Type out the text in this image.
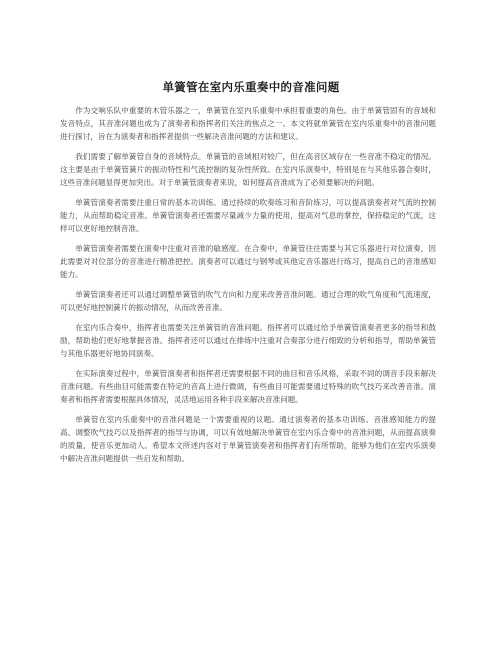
单簧管在室内乐重奏中的音准问题

作为交响乐队中重要的木管乐器之一，单簧管在室内乐重奏中承担着重要的角色。由于单簧管固有的音域和发音特点，其音准问题也成为了演奏者和指挥者们关注的焦点之一。本文将就单簧管在室内乐重奏中的音准问题进行探讨，旨在为演奏者和指挥者提供一些解决音准问题的方法和建议。

我们需要了解单簧管自身的音域特点。单簧管的音域相对较广，但在高音区域存在一些音准不稳定的情况。这主要是由于单簧管簧片的振动特性和气流控制的复杂性所致。在室内乐演奏中，特别是在与其他乐器合奏时，这些音准问题显得更加突出。对于单簧管演奏者来说，如何提高音准成为了必须要解决的问题。

单簧管演奏者需要注重日常的基本功训练。通过持续的吹奏练习和音阶练习，可以提高演奏者对气流的控制能力，从而帮助稳定音准。单簧管演奏者还需要尽量减少力量的使用，提高对气息的掌控，保持稳定的气流，这样可以更好地控制音准。

单簧管演奏者需要在演奏中注重对音准的敏感度。在合奏中，单簧管往往需要与其它乐器进行对位演奏，因此需要对对位部分的音准进行精准把控。演奏者可以通过与钢琴或其他定音乐器进行练习，提高自己的音准感知能力。

单簧管演奏者还可以通过调整单簧管的吹气方向和力度来改善音准问题。通过合理的吹气角度和气流速度，可以更好地控制簧片的振动情况，从而改善音准。

在室内乐合奏中，指挥者也需要关注单簧管的音准问题。指挥者可以通过给予单簧管演奏者更多的指导和鼓励，帮助他们更好地掌握音准。指挥者还可以通过在排练中注重对合奏部分进行细致的分析和指导，帮助单簧管与其他乐器更好地协同演奏。

在实际演奏过程中，单簧管演奏者和指挥者还需要根据不同的曲目和音乐风格，采取不同的调音手段来解决音准问题。有些曲目可能需要在特定的音高上进行微调，有些曲目可能需要通过特殊的吹气技巧来改善音准。演奏者和指挥者需要根据具体情况，灵活地运用各种手段来解决音准问题。

单簧管在室内乐重奏中的音准问题是一个需要重视的议题。通过演奏者的基本功训练、音准感知能力的提高、调整吹气技巧以及指挥者的指导与协调，可以有效地解决单簧管在室内乐合奏中的音准问题，从而提高演奏的质量，使音乐更加动人。希望本文所述内容对于单簧管演奏者和指挥者们有所帮助，能够为他们在室内乐演奏中解决音准问题提供一些启发和帮助。
